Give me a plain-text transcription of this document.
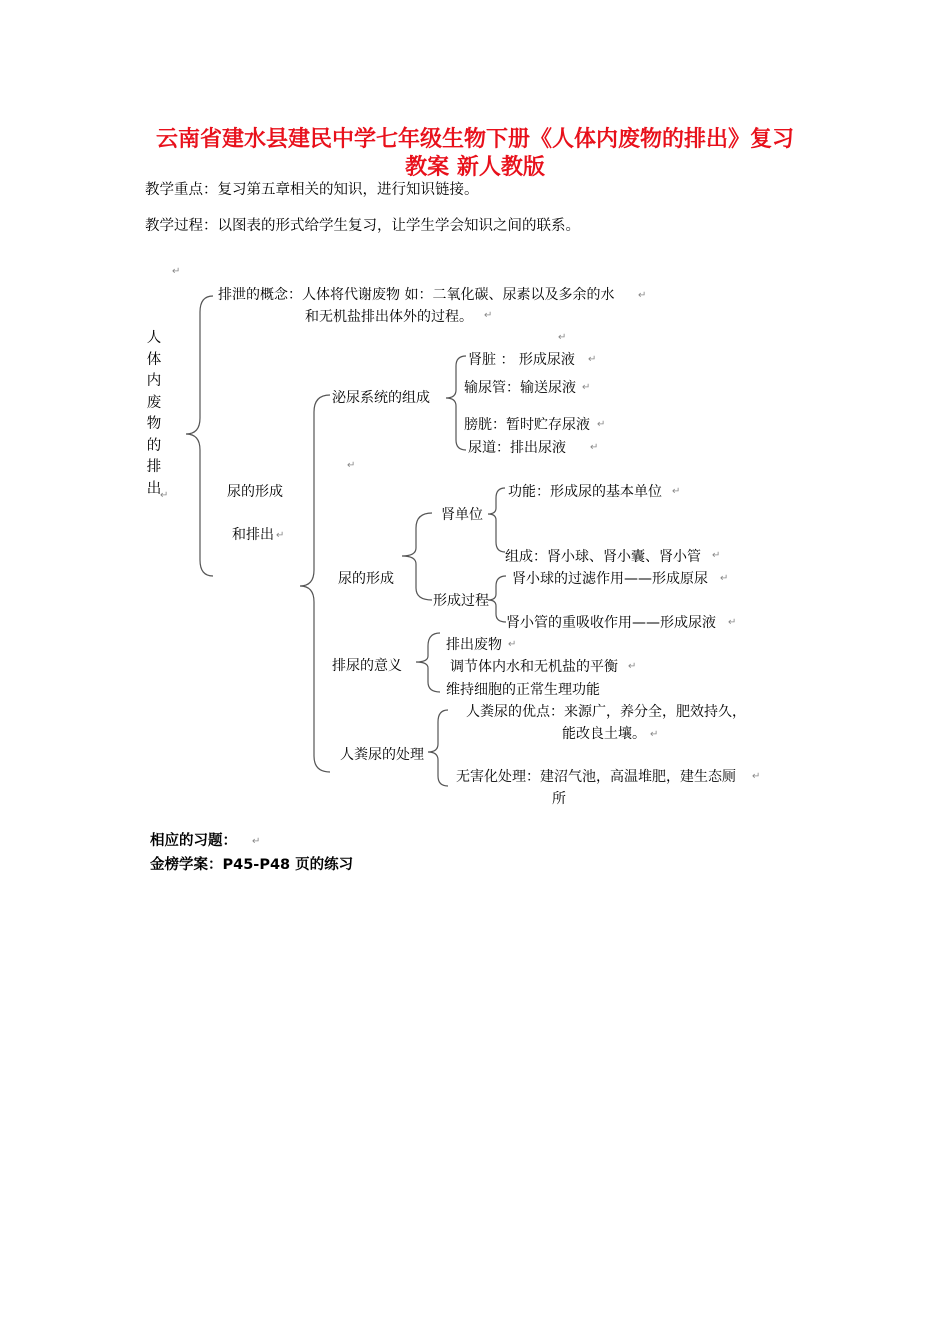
云南省建水县建民中学七年级生物下册《人体内废物的排出》复习
教案 新人教版
教学重点：复习第五章相关的知识，进行知识链接。
教学过程：以图表的形式给学生复习，让学生学会知识之间的联系。
人体内废物的排出
排泄的概念：人体将代谢废物 如：二氧化碳、尿素以及多余的水
和无机盐排出体外的过程。
尿的形成
和排出
泌尿系统的组成
肾脏 ： 形成尿液
输尿管：输送尿液
膀胱：暂时贮存尿液
尿道：排出尿液
尿的形成
肾单位
功能：形成尿的基本单位
组成：肾小球、肾小囊、肾小管
形成过程
肾小球的过滤作用——形成原尿
肾小管的重吸收作用——形成尿液
排尿的意义
排出废物
调节体内水和无机盐的平衡
维持细胞的正常生理功能
人粪尿的处理
人粪尿的优点：来源广，养分全，肥效持久，
能改良土壤。
无害化处理：建沼气池，高温堆肥，建生态厕
所
↵
↵
↵
↵
↵
↵
↵
↵
↵
↵	↵
↵
↵
↵
↵
↵
↵
↵
↵
↵
相应的习题：
金榜学案：P45-P48 页的练习
